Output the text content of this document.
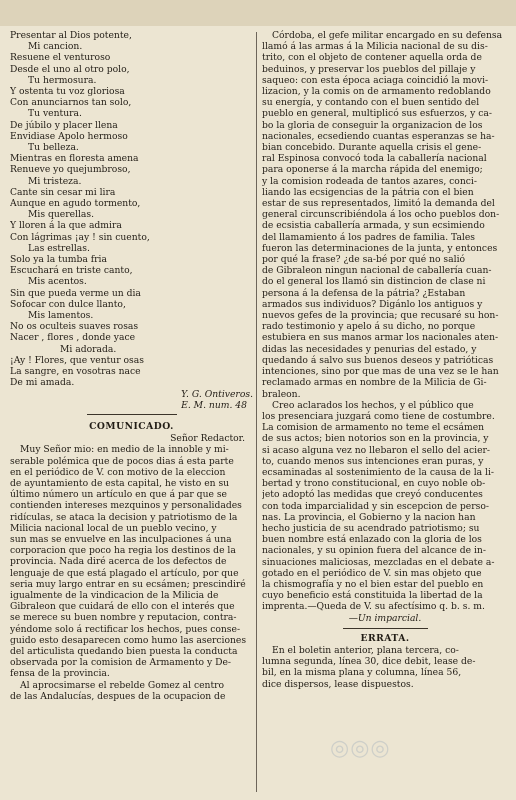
Presentar al Dios potente,
Mi cancion.
Resuene el venturoso
Desde el uno al otro polo,
Tu hermosura.
Y ostenta tu voz gloriosa
Con anunciarnos tan solo,
Tu ventura.
De júbilo y placer llena
Envidiase Apolo hermoso
Tu belleza.
Mientras en floresta amena
Renueve yo quejumbroso,
Mi tristeza.
Cante sin cesar mi lira
Aunque en agudo tormento,
Mis querellas.
Y lloren á la que admira
Con lágrimas ¡ay ! sin cuento,
Las estrellas.
Solo ya la tumba fria
Escuchará en triste canto,
Mis acentos.
Sin que pueda verme un dia
Sofocar con dulce llanto,
Mis lamentos.
No os oculteis suaves rosas
Nacer , flores , donde yace
Mi adorada.
¡Ay ! Flores, que ventur osas
La sangre, en vosotras nace
De mi amada.
Y. G. Ontiveros.
E. M. num. 48
COMUNICADO.
Señor Redactor.
Muy Señor mio: en medio de la innoble y mi-
serable polémica que de pocos dias á esta parte
en el periódico de V. con motivo de la eleccion
de ayuntamiento de esta capital, he visto en su
último número un artículo en que á par que se
contienden intereses mezquinos y personalidades
ridículas, se ataca la decision y patriotismo de la
Milicia nacional local de un pueblo vecino, y
sun mas se envuelve en las inculpaciones á una
corporacion que poco ha regia los destinos de la
provincia. Nada diré acerca de los defectos de
lenguaje de que está plagado el artículo, por que
seria muy largo entrar en su ecsámen; prescindiré
igualmente de la vindicacion de la Milicia de
Gibraleon que cuidará de ello con el interés que
se merece su buen nombre y reputacion, contra-
yéndome solo á rectificar los hechos, pues conse-
guido esto desaparecen como humo las aserciones
del articulista quedando bien puesta la conducta
observada por la comision de Armamento y De-
fensa de la provincia.
Al aprocsimarse el rebelde Gomez al centro
de las Andalucías, despues de la ocupacion de
Córdoba, el gefe militar encargado en su defensa
llamó á las armas á la Milicia nacional de su dis-
trito, con el objeto de contener aquella orda de
beduinos, y preservar los pueblos del pillaje y
saqueo: con esta época aciaga coincidió la movi-
lizacion, y la comis on de armamento redoblando
su energía, y contando con el buen sentido del
pueblo en general, multiplicó sus esfuerzos, y ca-
bo la gloria de conseguir la organizacion de los
nacionales, ecsediendo cuantas esperanzas se ha-
bian concebido. Durante aquella crisis el gene-
ral Espinosa convocó toda la caballería nacional
para oponerse á la marcha rápida del enemigo;
y la comision rodeada de tantos azares, conci-
liando las ecsigencias de la pátria con el bien
estar de sus representados, limitó la demanda del
general circunscribiéndola á los ocho pueblos don-
de ecsistia caballería armada, y sun ecsimiendo
del llamamiento á los padres de familia. Tales
fueron las determinaciones de la junta, y entonces
por qué la frase? ¿de sa-bé por qué no salió
de Gibraleon ningun nacional de caballería cuan-
do el general los llamó sin distincion de clase ni
persona á la defensa de la pátria? ¿Estaban
armados sus individuos? Digánlo los antiguos y
nuevos gefes de la provincia; que recusaré su hon-
rado testimonio y apelo á su dicho, no porque
estubiera en sus manos armar los nacionales aten-
didas las necesidades y penurias del estado, y
quedando á salvo sus buenos deseos y patrióticas
intenciones, sino por que mas de una vez se le han
reclamado armas en nombre de la Milicia de Gi-
braleon.
Creo aclarados los hechos, y el público que
los presenciara juzgará como tiene de costumbre.
La comision de armamento no teme el ecsámen
de sus actos; bien notorios son en la provincia, y
si acaso alguna vez no llebaron el sello del acier-
to, cuando menos sus intenciones eran puras, y
ecsaminadas al sostenimiento de la causa de la li-
bertad y trono constitucional, en cuyo noble ob-
jeto adoptó las medidas que creyó conducentes
con toda imparcialidad y sin escepcion de perso-
nas. La provincia, el Gobierno y la nacion han
hecho justicia de su acendrado patriotismo; su
buen nombre está enlazado con la gloria de los
nacionales, y su opinion fuera del alcance de in-
sinuaciones maliciosas, mezcladas en el debate a-
gotado en el periódico de V. sin mas objeto que
la chismografía y no el bien estar del pueblo en
cuyo beneficio está constituida la libertad de la
imprenta.—Queda de V. su afectísimo q. b. s. m.
—Un imparcial.
ERRATA.
En el boletin anterior, plana tercera, co-
lumna segunda, línea 30, dice debit, lease de-
bil, en la misma plana y columna, línea 56,
dice dispersos, lease dispuestos.
◎◎◎
